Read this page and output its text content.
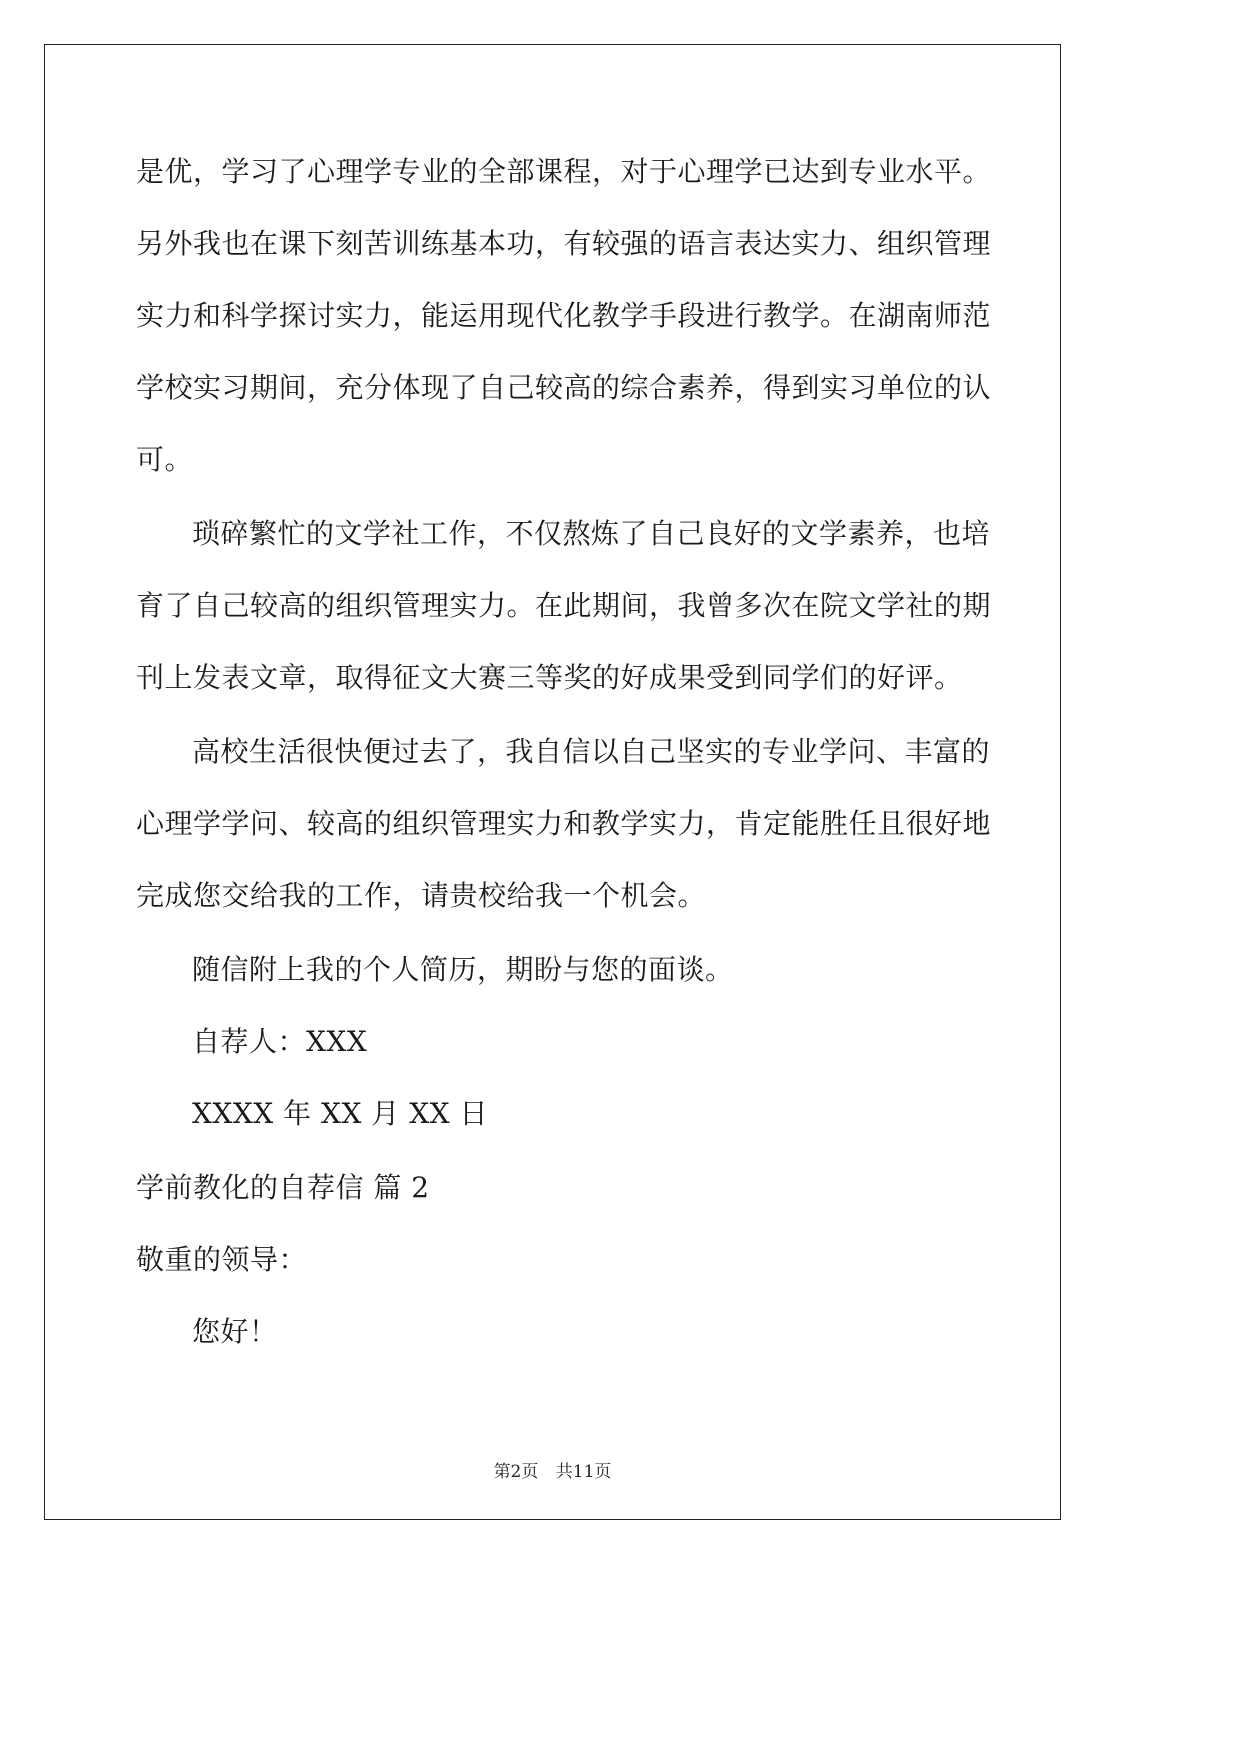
是优，学习了心理学专业的全部课程，对于心理学已达到专业水平。
另外我也在课下刻苦训练基本功，有较强的语言表达实力、组织管理
实力和科学探讨实力，能运用现代化教学手段进行教学。在湖南师范
学校实习期间，充分体现了自己较高的综合素养，得到实习单位的认
可。
琐碎繁忙的文学社工作，不仅熬炼了自己良好的文学素养，也培
育了自己较高的组织管理实力。在此期间，我曾多次在院文学社的期
刊上发表文章，取得征文大赛三等奖的好成果受到同学们的好评。
高校生活很快便过去了，我自信以自己坚实的专业学问、丰富的
心理学学问、较高的组织管理实力和教学实力，肯定能胜任且很好地
完成您交给我的工作，请贵校给我一个机会。
随信附上我的个人简历，期盼与您的面谈。
自荐人：XXX
XXXX 年 XX 月 XX 日
学前教化的自荐信 篇 2
敬重的领导：
您好！
第2页 共11页
